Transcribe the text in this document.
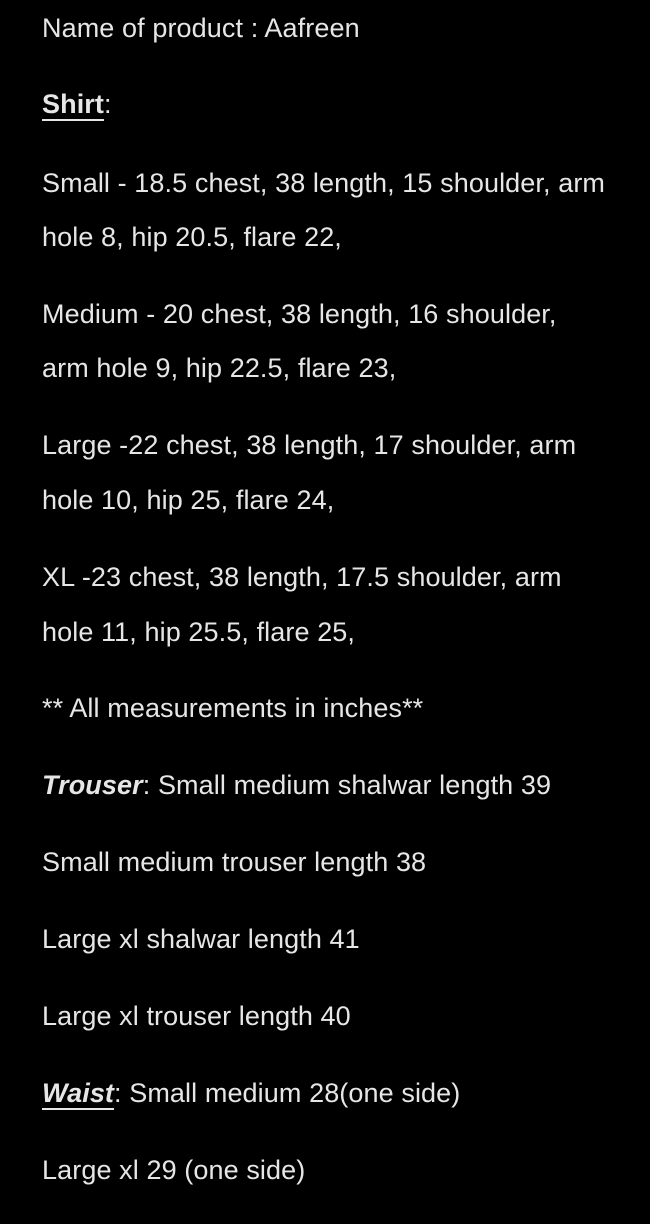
Name of product : Aafreen
Shirt:
Small - 18.5 chest, 38 length, 15 shoulder, arm
hole 8, hip 20.5, flare 22,
Medium - 20 chest, 38 length, 16 shoulder,
arm hole 9, hip 22.5, flare 23,
Large -22 chest, 38 length, 17 shoulder, arm
hole 10, hip 25, flare 24,
XL -23 chest, 38 length, 17.5 shoulder, arm
hole 11, hip 25.5, flare 25,
** All measurements in inches**
Trouser: Small medium shalwar length 39
Small medium trouser length 38
Large xl shalwar length 41
Large xl trouser length 40
Waist: Small medium 28(one side)
Large xl 29 (one side)
